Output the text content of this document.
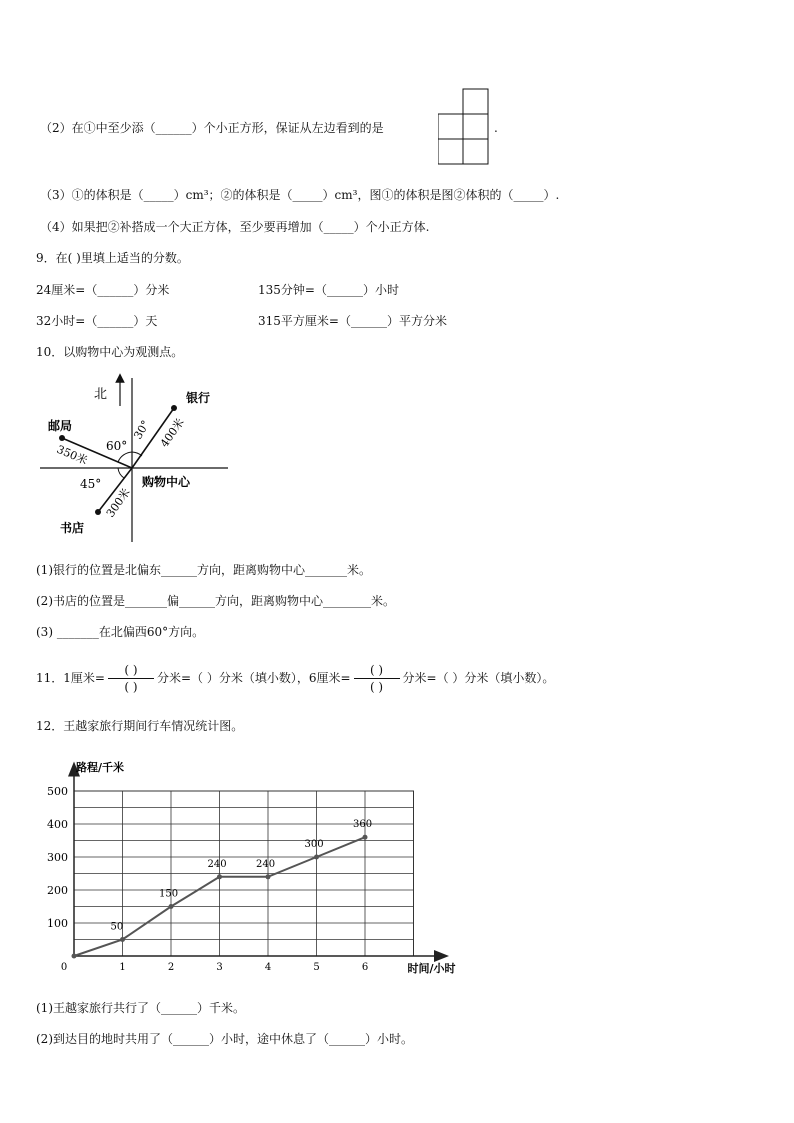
（2）在①中至少添（______）个小正方形，保证从左边看到的是	.
（3）①的体积是（_____）cm³；②的体积是（_____）cm³，图①的体积是图②体积的（_____）.
（4）如果把②补搭成一个大正方体，至少要再增加（_____）个小正方体.
9．在( )里填上适当的分数。
24厘米=（______）分米	135分钟=（______）小时
32小时=（______）天	315平方厘米=（______）平方分米
10．以购物中心为观测点。
北	银行
邮局
购物中心
书店
60°
30°
45°
350米
400米
300米
(1)银行的位置是北偏东______方向，距离购物中心_______米。
(2)书店的位置是_______偏______方向，距离购物中心________米。
(3) _______在北偏西60°方向。
11．1厘米= $\frac{( )}{( )}$ 分米=（ ）分米（填小数），6厘米= $\frac{( )}{( )}$ 分米=（ ）分米（填小数）。
12．王越家旅行期间行车情况统计图。
路程/千米
时间/小时
100
200
300
400
500
0	1	2	3	4	5	6
50
150
240	240
300
360
(1)王越家旅行共行了（______）千米。
(2)到达目的地时共用了（______）小时，途中休息了（______）小时。
